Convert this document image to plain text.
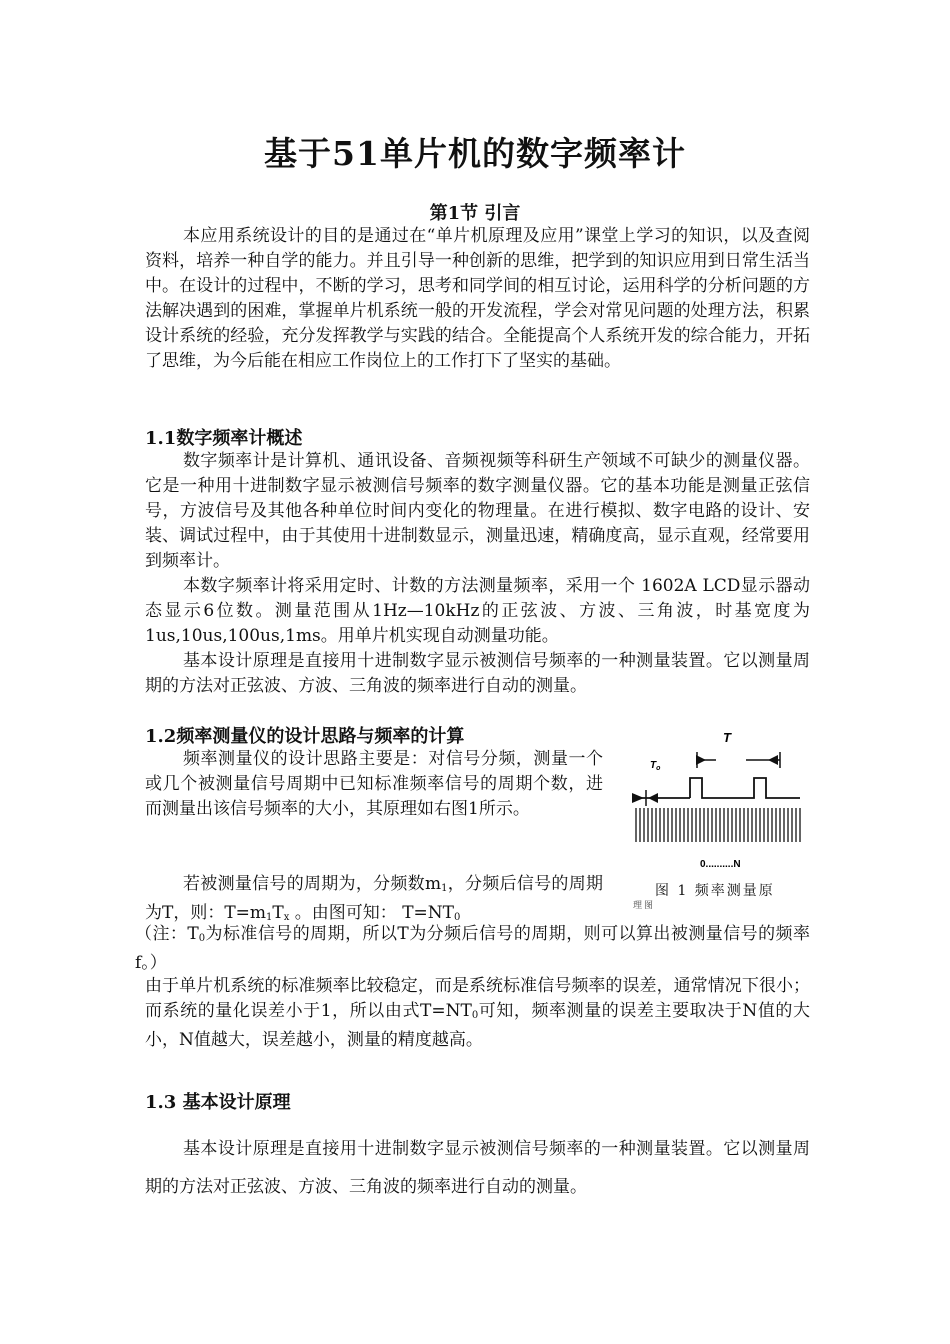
基于51单片机的数字频率计
第1节 引言

本应用系统设计的目的是通过在“单片机原理及应用”课堂上学习的知识，以及查阅资料，培养一种自学的能力。并且引导一种创新的思维，把学到的知识应用到日常生活当中。在设计的过程中，不断的学习，思考和同学间的相互讨论，运用科学的分析问题的方法解决遇到的困难，掌握单片机系统一般的开发流程，学会对常见问题的处理方法，积累设计系统的经验，充分发挥教学与实践的结合。全能提高个人系统开发的综合能力，开拓了思维，为今后能在相应工作岗位上的工作打下了坚实的基础。

1.1数字频率计概述

数字频率计是计算机、通讯设备、音频视频等科研生产领域不可缺少的测量仪器。它是一种用十进制数字显示被测信号频率的数字测量仪器。它的基本功能是测量正弦信号，方波信号及其他各种单位时间内变化的物理量。在进行模拟、数字电路的设计、安装、调试过程中，由于其使用十进制数显示，测量迅速，精确度高，显示直观，经常要用到频率计。

本数字频率计将采用定时、计数的方法测量频率，采用一个 1602A LCD显示器动态显示6位数。测量范围从1Hz—10kHz的正弦波、方波、三角波，时基宽度为1us,10us,100us,1ms。用单片机实现自动测量功能。

基本设计原理是直接用十进制数字显示被测信号频率的一种测量装置。它以测量周期的方法对正弦波、方波、三角波的频率进行自动的测量。

1.2频率测量仪的设计思路与频率的计算

频率测量仪的设计思路主要是：对信号分频，测量一个或几个被测量信号周期中已知标准频率信号的周期个数，进而测量出该信号频率的大小，其原理如右图1所示。

若被测量信号的周期为，分频数$m_1$，分频后信号的周期为T，则：$T=m_1T_x$ 。由图可知： $T=NT_0$

（注：$T_0$为标准信号的周期，所以T为分频后信号的周期，则可以算出被测量信号的频率f。）

由于单片机系统的标准频率比较稳定，而是系统标准信号频率的误差，通常情况下很小；而系统的量化误差小于1，所以由式$T=NT_0$可知，频率测量的误差主要取决于N值的大小，N值越大，误差越小，测量的精度越高。

1.3 基本设计原理

基本设计原理是直接用十进制数字显示被测信号频率的一种测量装置。它以测量周期的方法对正弦波、方波、三角波的频率进行自动的测量。

T
$T_o$
0..........N
图 1 频率测量原
理图
